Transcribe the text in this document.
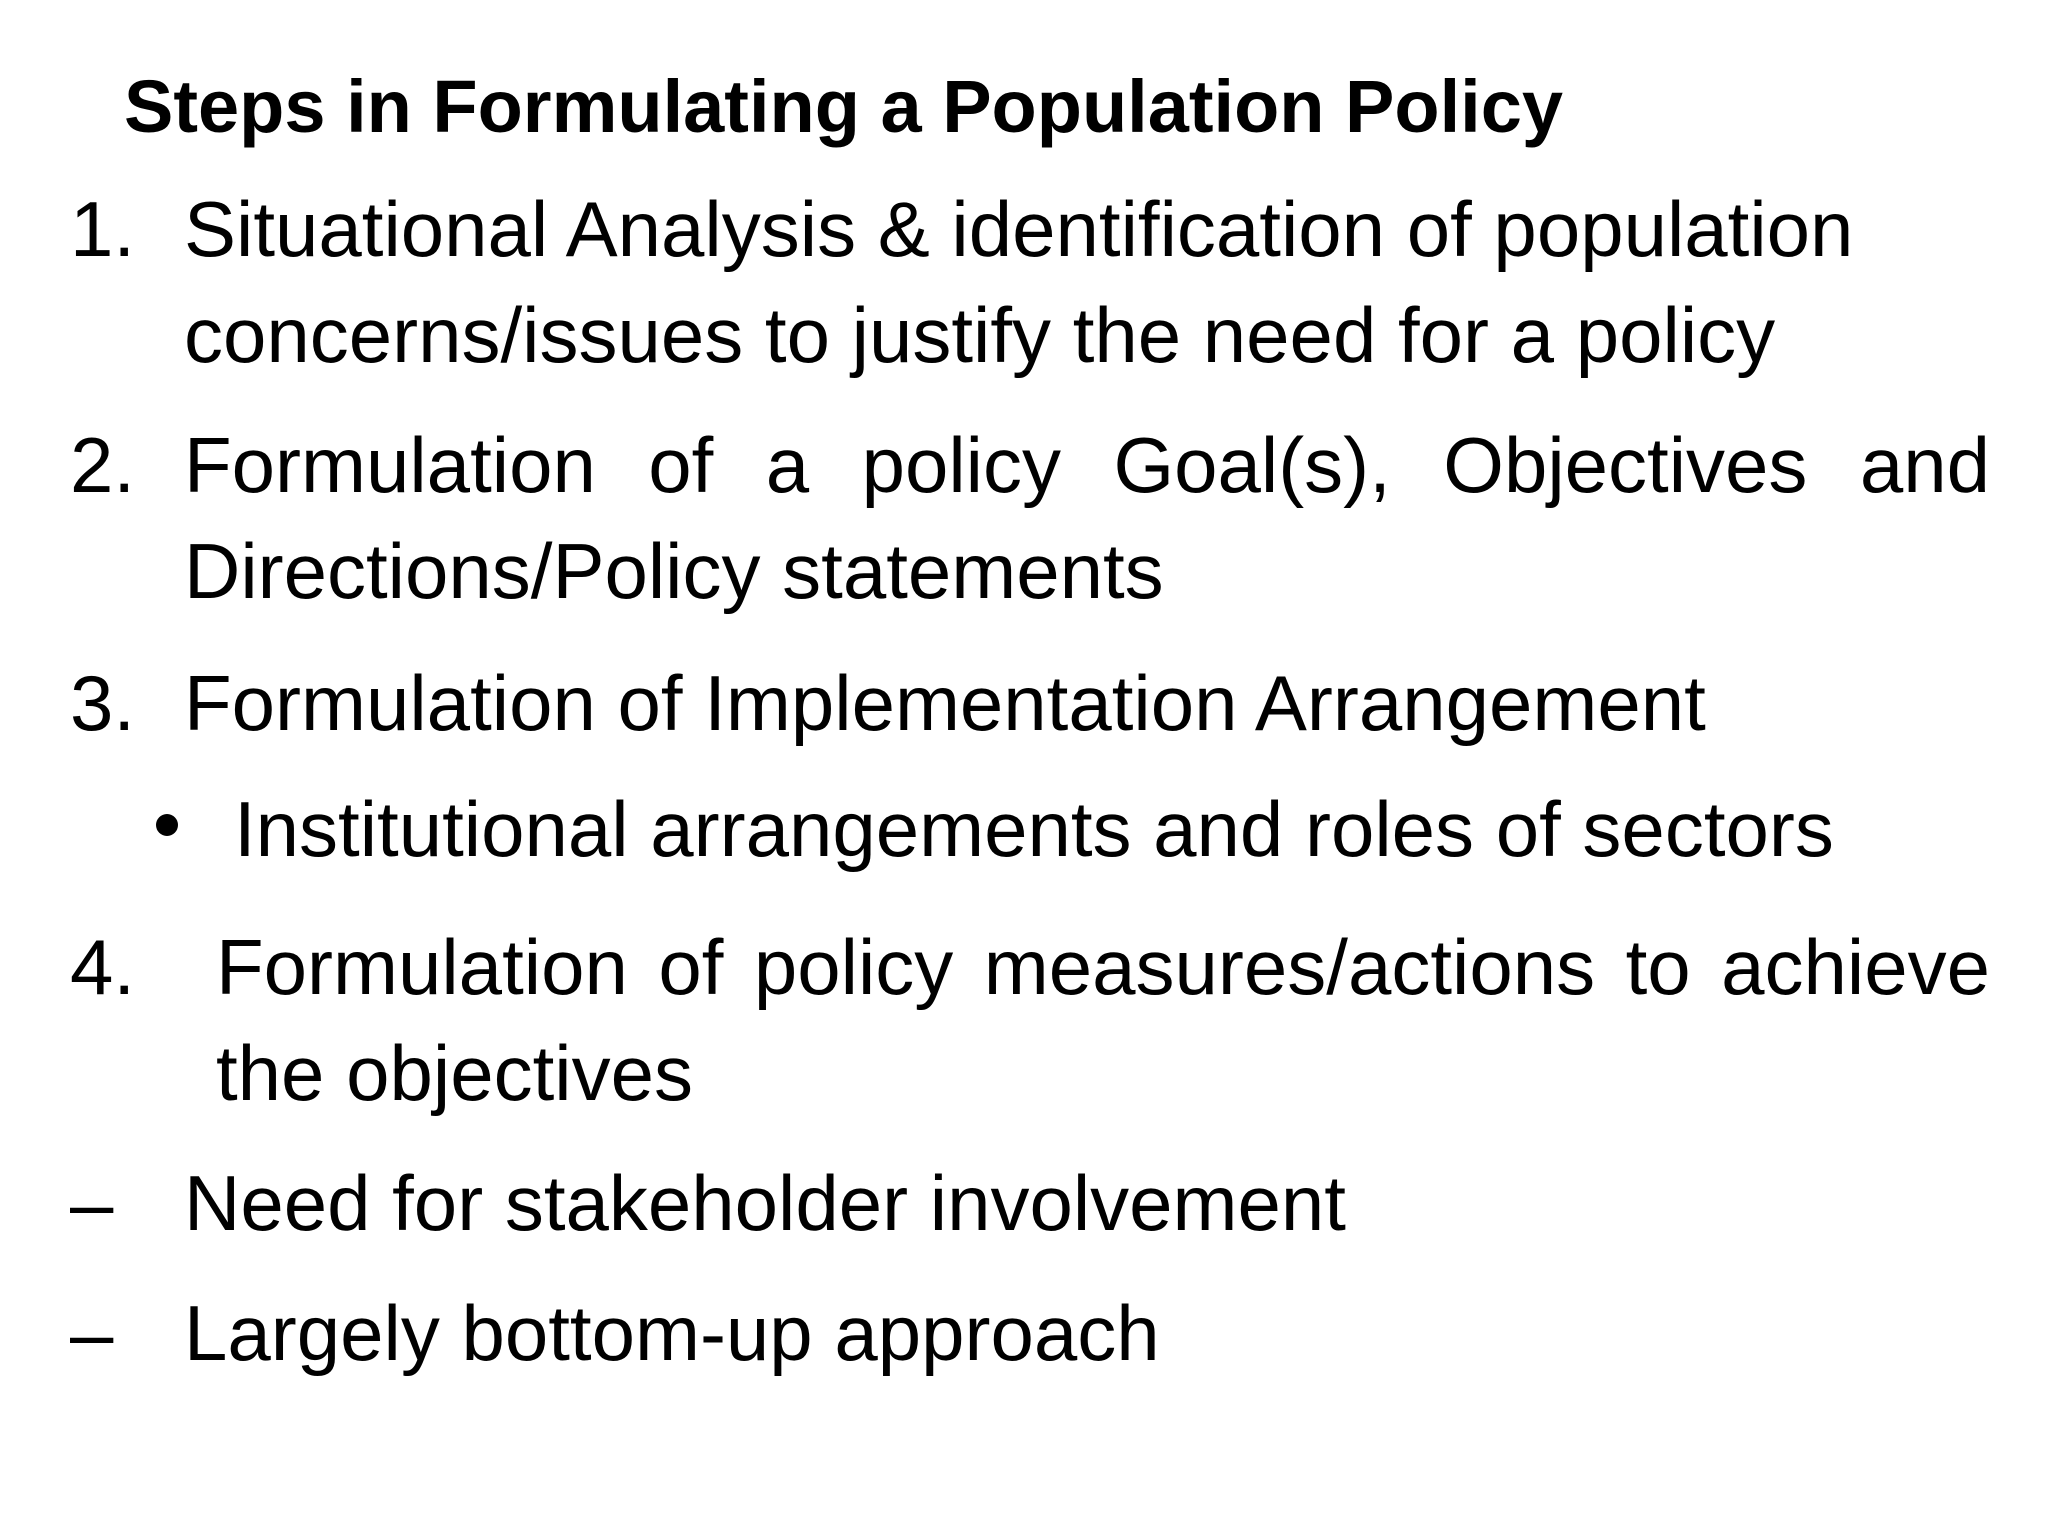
Steps in Formulating a Population Policy
1. Situational Analysis & identification of population concerns/issues to justify the need for a policy
2. Formulation of a policy Goal(s), Objectives and Directions/Policy statements
3. Formulation of Implementation Arrangement
Institutional arrangements and roles of sectors
4. Formulation of policy measures/actions to achieve the objectives
– Need for stakeholder involvement
– Largely bottom-up approach
